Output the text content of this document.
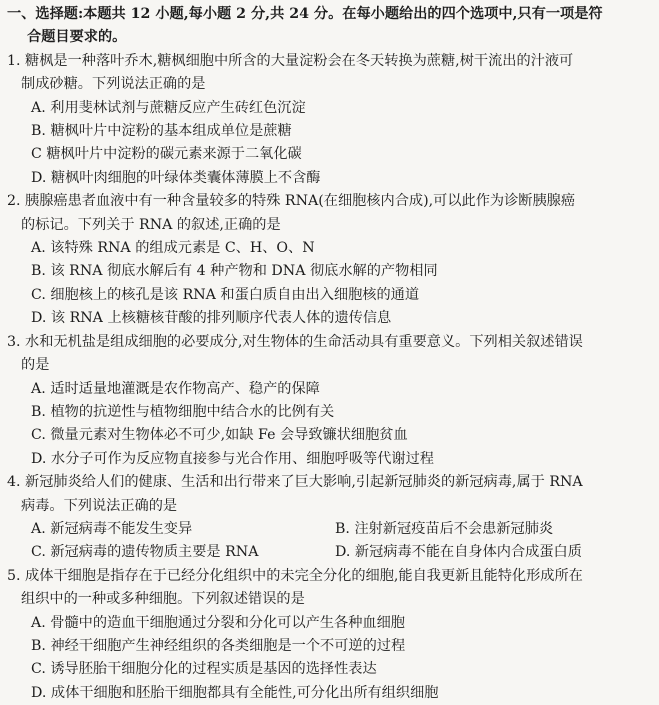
一、选择题:本题共 12 小题,每小题 2 分,共 24 分。在每小题给出的四个选项中,只有一项是符
合题目要求的。

1. 糖枫是一种落叶乔木,糖枫细胞中所含的大量淀粉会在冬天转换为蔗糖,树干流出的汁液可
制成砂糖。下列说法正确的是
A. 利用斐林试剂与蔗糖反应产生砖红色沉淀
B. 糖枫叶片中淀粉的基本组成单位是蔗糖
C 糖枫叶片中淀粉的碳元素来源于二氧化碳
D. 糖枫叶肉细胞的叶绿体类囊体薄膜上不含酶
2. 胰腺癌患者血液中有一种含量较多的特殊 RNA(在细胞核内合成),可以此作为诊断胰腺癌
的标记。下列关于 RNA 的叙述,正确的是
A. 该特殊 RNA 的组成元素是 C、H、O、N
B. 该 RNA 彻底水解后有 4 种产物和 DNA 彻底水解的产物相同
C. 细胞核上的核孔是该 RNA 和蛋白质自由出入细胞核的通道
D. 该 RNA 上核糖核苷酸的排列顺序代表人体的遗传信息
3. 水和无机盐是组成细胞的必要成分,对生物体的生命活动具有重要意义。下列相关叙述错误
的是
A. 适时适量地灌溉是农作物高产、稳产的保障
B. 植物的抗逆性与植物细胞中结合水的比例有关
C. 微量元素对生物体必不可少,如缺 Fe 会导致镰状细胞贫血
D. 水分子可作为反应物直接参与光合作用、细胞呼吸等代谢过程
4. 新冠肺炎给人们的健康、生活和出行带来了巨大影响,引起新冠肺炎的新冠病毒,属于 RNA
病毒。下列说法正确的是
A. 新冠病毒不能发生变异	B. 注射新冠疫苗后不会患新冠肺炎
C. 新冠病毒的遗传物质主要是 RNA	D. 新冠病毒不能在自身体内合成蛋白质
5. 成体干细胞是指存在于已经分化组织中的未完全分化的细胞,能自我更新且能特化形成所在
组织中的一种或多种细胞。下列叙述错误的是
A. 骨髓中的造血干细胞通过分裂和分化可以产生各种血细胞
B. 神经干细胞产生神经组织的各类细胞是一个不可逆的过程
C. 诱导胚胎干细胞分化的过程实质是基因的选择性表达
D. 成体干细胞和胚胎干细胞都具有全能性,可分化出所有组织细胞
